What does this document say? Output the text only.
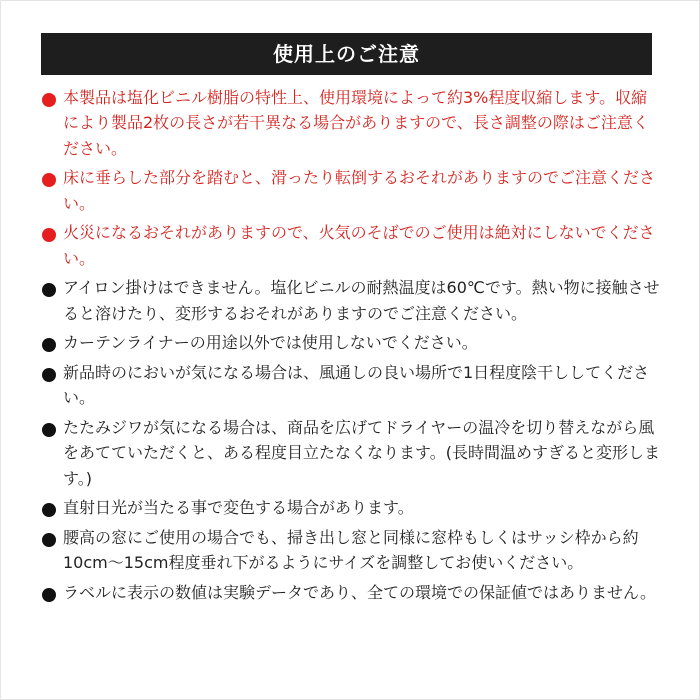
使用上のご注意
本製品は塩化ビニル樹脂の特性上、使用環境によって約3%程度収縮します。収縮により製品2枚の長さが若干異なる場合がありますので、長さ調整の際はご注意ください。
床に垂らした部分を踏むと、滑ったり転倒するおそれがありますのでご注意ください。
火災になるおそれがありますので、火気のそばでのご使用は絶対にしないでください。
アイロン掛けはできません。塩化ビニルの耐熱温度は60℃です。熱い物に接触させると溶けたり、変形するおそれがありますのでご注意ください。
カーテンライナーの用途以外では使用しないでください。
新品時のにおいが気になる場合は、風通しの良い場所で1日程度陰干ししてください。
たたみジワが気になる場合は、商品を広げてドライヤーの温冷を切り替えながら風をあてていただくと、ある程度目立たなくなります。(長時間温めすぎると変形します。)
直射日光が当たる事で変色する場合があります。
腰高の窓にご使用の場合でも、掃き出し窓と同様に窓枠もしくはサッシ枠から約10cm～15cm程度垂れ下がるようにサイズを調整してお使いください。
ラベルに表示の数値は実験データであり、全ての環境での保証値ではありません。
